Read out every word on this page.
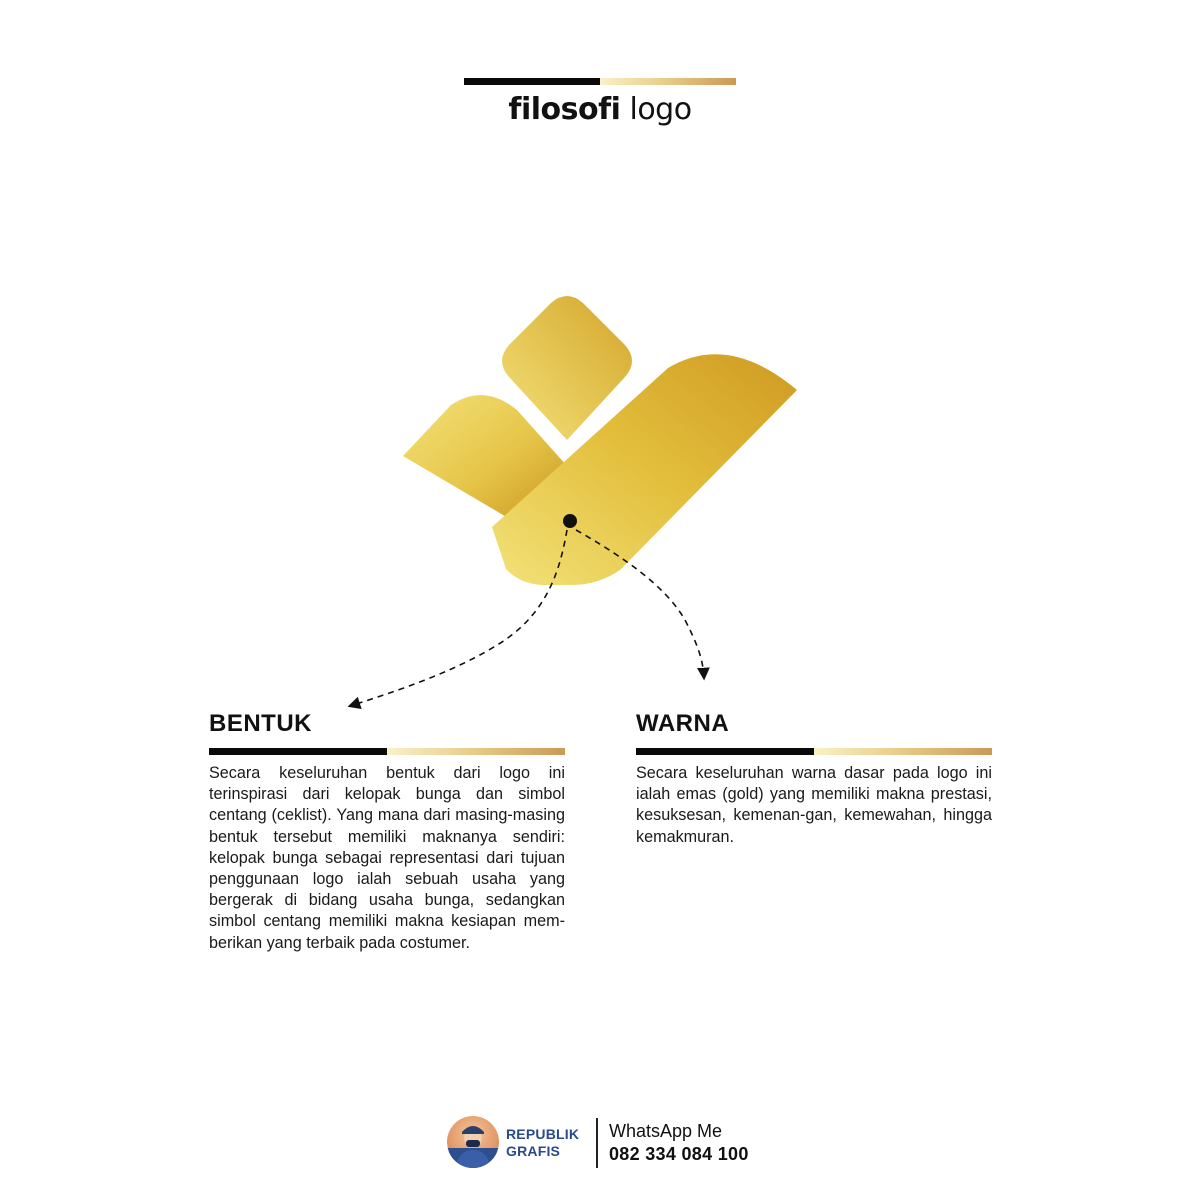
filosofi logo
BENTUK
Secara keseluruhan bentuk dari logo ini terinspirasi dari kelopak bunga dan simbol centang (ceklist). Yang mana dari masing-masing bentuk tersebut memiliki maknanya sendiri: kelopak bunga sebagai representasi dari tujuan penggunaan logo ialah sebuah usaha yang bergerak di bidang usaha bunga, sedangkan simbol centang memiliki makna kesiapan mem-berikan yang terbaik pada costumer.
WARNA
Secara keseluruhan warna dasar pada logo ini ialah emas (gold) yang memiliki makna prestasi, kesuksesan, kemenan-gan, kemewahan, hingga kemakmuran.
REPUBLIK
GRAFIS
WhatsApp Me
082 334 084 100
